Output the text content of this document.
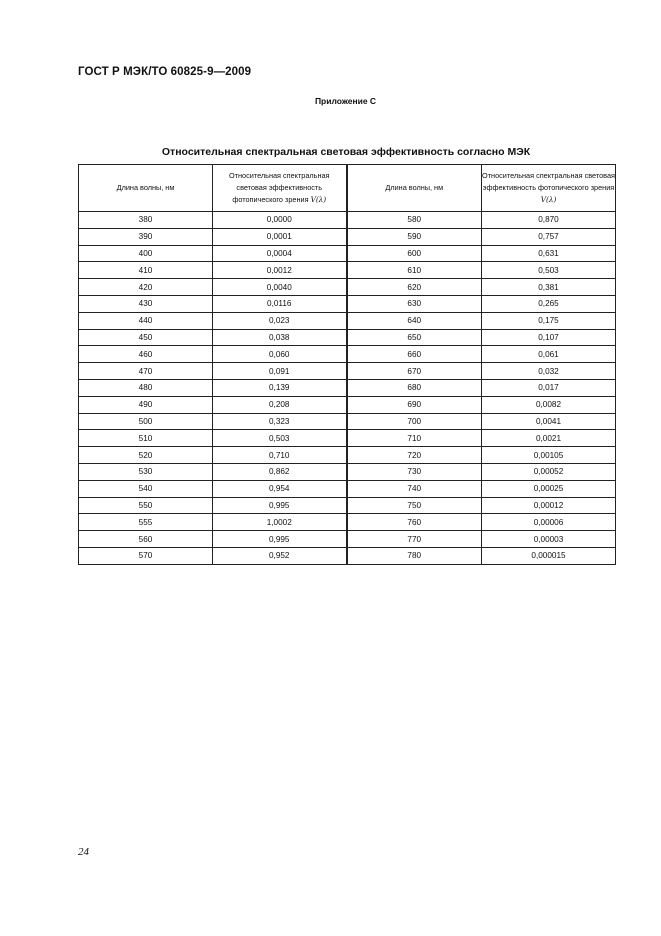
ГОСТ Р МЭК/ТО 60825-9—2009
Приложение С
Относительная спектральная световая эффективность согласно МЭК
Длина волны, нм	Относительная спектральная световая эффективность фотопического зрения V(λ)	Длина волны, нм	Относительная спектральная световая эффективность фотопического зрения V(λ)
380	0,0000	580	0,870
390	0,0001	590	0,757
400	0,0004	600	0,631
410	0,0012	610	0,503
420	0,0040	620	0,381
430	0,0116	630	0,265
440	0,023	640	0,175
450	0,038	650	0,107
460	0,060	660	0,061
470	0,091	670	0,032
480	0,139	680	0,017
490	0,208	690	0,0082
500	0,323	700	0,0041
510	0,503	710	0,0021
520	0,710	720	0,00105
530	0,862	730	0,00052
540	0,954	740	0,00025
550	0,995	750	0,00012
555	1,0002	760	0,00006
560	0,995	770	0,00003
570	0,952	780	0,000015
24
